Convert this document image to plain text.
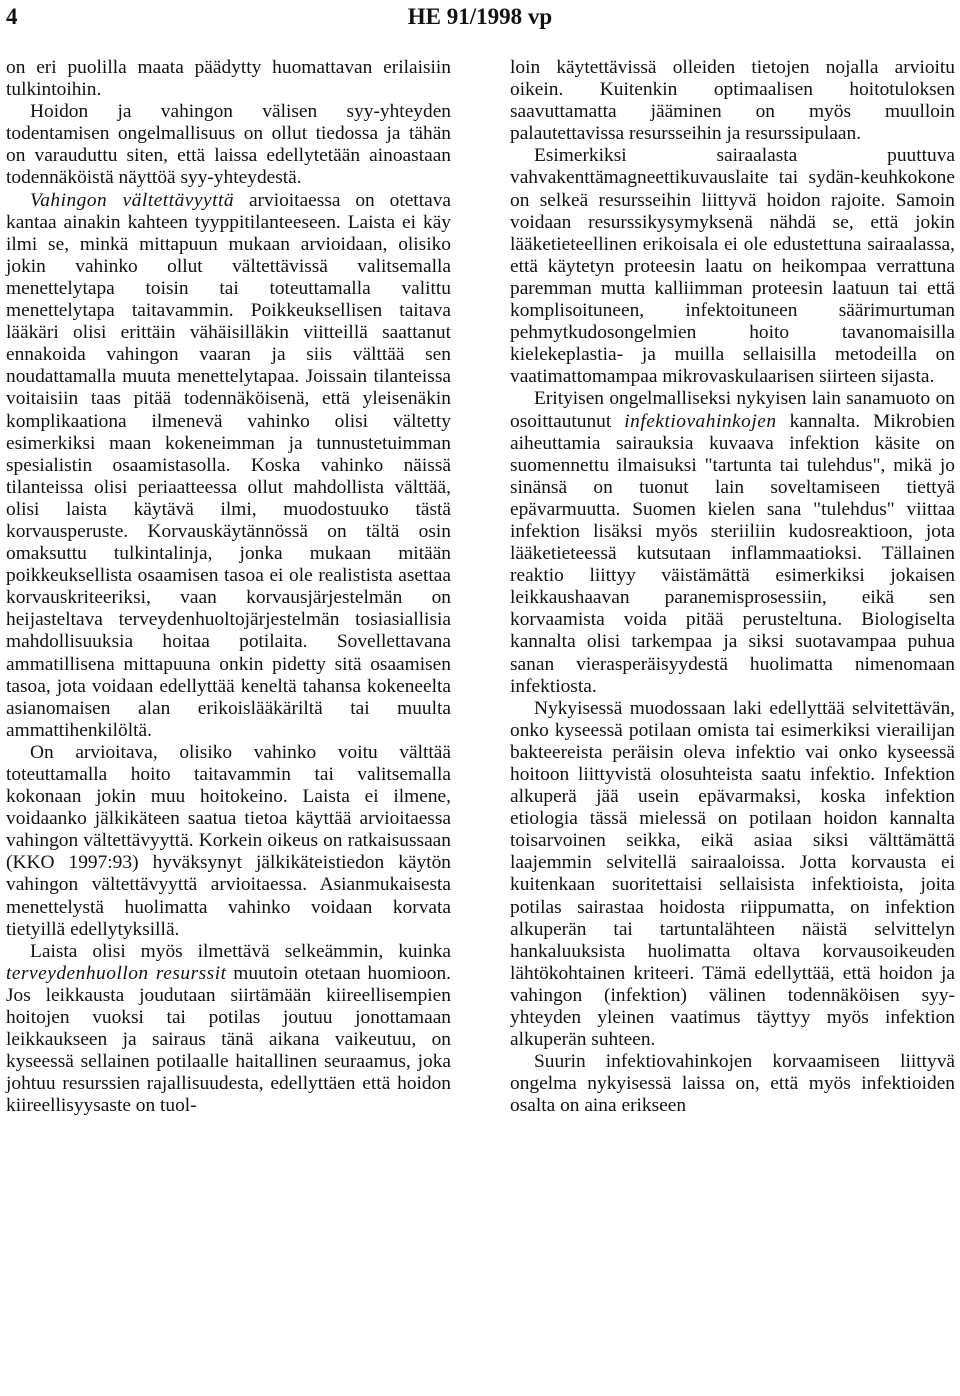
4	HE 91/1998 vp

on eri puolilla maata päädytty huomattavan erilaisiin tulkintoihin.

Hoidon ja vahingon välisen syy-yhteyden todentamisen ongelmallisuus on ollut tiedossa ja tähän on varauduttu siten, että laissa edellytetään ainoastaan todennäköistä näyttöä syy-yhteydestä.

Vahingon vältettävyyttä arvioitaessa on otettava kantaa ainakin kahteen tyyppitilanteeseen. Laista ei käy ilmi se, minkä mittapuun mukaan arvioidaan, olisiko jokin vahinko ollut vältettävissä valitsemalla menettelytapa toisin tai toteuttamalla valittu menettelytapa taitavammin. Poikkeuksellisen taitava lääkäri olisi erittäin vähäisilläkin viitteillä saattanut ennakoida vahingon vaaran ja siis välttää sen noudattamalla muuta menettelytapaa. Joissain tilanteissa voitaisiin taas pitää todennäköisenä, että yleisenäkin komplikaationa ilmenevä vahinko olisi vältetty esimerkiksi maan kokeneimman ja tunnustetuimman spesialistin osaamistasolla. Koska vahinko näissä tilanteissa olisi periaatteessa ollut mahdollista välttää, olisi laista käytävä ilmi, muodostuuko tästä korvausperuste. Korvauskäytännössä on tältä osin omaksuttu tulkintalinja, jonka mukaan mitään poikkeuksellista osaamisen tasoa ei ole realistista asettaa korvauskriteeriksi, vaan korvausjärjestelmän on heijasteltava terveydenhuoltojärjestelmän tosiasiallisia mahdollisuuksia hoitaa potilaita. Sovellettavana ammatillisena mittapuuna onkin pidetty sitä osaamisen tasoa, jota voidaan edellyttää keneltä tahansa kokeneelta asianomaisen alan erikoislääkäriltä tai muulta ammattihenkilöltä.

On arvioitava, olisiko vahinko voitu välttää toteuttamalla hoito taitavammin tai valitsemalla kokonaan jokin muu hoitokeino. Laista ei ilmene, voidaanko jälkikäteen saatua tietoa käyttää arvioitaessa vahingon vältettävyyttä. Korkein oikeus on ratkaisussaan (KKO 1997:93) hyväksynyt jälkikäteistiedon käytön vahingon vältettävyyttä arvioitaessa. Asianmukaisesta menettelystä huolimatta vahinko voidaan korvata tietyillä edellytyksillä.

Laista olisi myös ilmettävä selkeämmin, kuinka terveydenhuollon resurssit muutoin otetaan huomioon. Jos leikkausta joudutaan siirtämään kiireellisempien hoitojen vuoksi tai potilas joutuu jonottamaan leikkaukseen ja sairaus tänä aikana vaikeutuu, on kyseessä sellainen potilaalle haitallinen seuraamus, joka johtuu resurssien rajallisuudesta, edellyttäen että hoidon kiireellisyysaste on tuol-

loin käytettävissä olleiden tietojen nojalla arvioitu oikein. Kuitenkin optimaalisen hoitotuloksen saavuttamatta jääminen on myös muulloin palautettavissa resursseihin ja resurssipulaan.

Esimerkiksi sairaalasta puuttuva vahvakenttämagneettikuvauslaite tai sydän-keuhkokone on selkeä resursseihin liittyvä hoidon rajoite. Samoin voidaan resurssikysymyksenä nähdä se, että jokin lääketieteellinen erikoisala ei ole edustettuna sairaalassa, että käytetyn proteesin laatu on heikompaa verrattuna paremman mutta kalliimman proteesin laatuun tai että komplisoituneen, infektoituneen säärimurtuman pehmytkudosongelmien hoito tavanomaisilla kielekeplastia- ja muilla sellaisilla metodeilla on vaatimattomampaa mikrovaskulaarisen siirteen sijasta.

Erityisen ongelmalliseksi nykyisen lain sanamuoto on osoittautunut infektiovahinkojen kannalta. Mikrobien aiheuttamia sairauksia kuvaava infektion käsite on suomennettu ilmaisuksi "tartunta tai tulehdus", mikä jo sinänsä on tuonut lain soveltamiseen tiettyä epävarmuutta. Suomen kielen sana "tulehdus" viittaa infektion lisäksi myös steriiliin kudosreaktioon, jota lääketieteessä kutsutaan inflammaatioksi. Tällainen reaktio liittyy väistämättä esimerkiksi jokaisen leikkaushaavan paranemisprosessiin, eikä sen korvaamista voida pitää perusteltuna. Biologiselta kannalta olisi tarkempaa ja siksi suotavampaa puhua sanan vierasperäisyydestä huolimatta nimenomaan infektiosta.

Nykyisessä muodossaan laki edellyttää selvitettävän, onko kyseessä potilaan omista tai esimerkiksi vierailijan bakteereista peräisin oleva infektio vai onko kyseessä hoitoon liittyvistä olosuhteista saatu infektio. Infektion alkuperä jää usein epävarmaksi, koska infektion etiologia tässä mielessä on potilaan hoidon kannalta toisarvoinen seikka, eikä asiaa siksi välttämättä laajemmin selvitellä sairaaloissa. Jotta korvausta ei kuitenkaan suoritettaisi sellaisista infektioista, joita potilas sairastaa hoidosta riippumatta, on infektion alkuperän tai tartuntalähteen näistä selvittelyn hankaluuksista huolimatta oltava korvausoikeuden lähtökohtainen kriteeri. Tämä edellyttää, että hoidon ja vahingon (infektion) välinen todennäköisen syy-yhteyden yleinen vaatimus täyttyy myös infektion alkuperän suhteen.

Suurin infektiovahinkojen korvaamiseen liittyvä ongelma nykyisessä laissa on, että myös infektioiden osalta on aina erikseen
